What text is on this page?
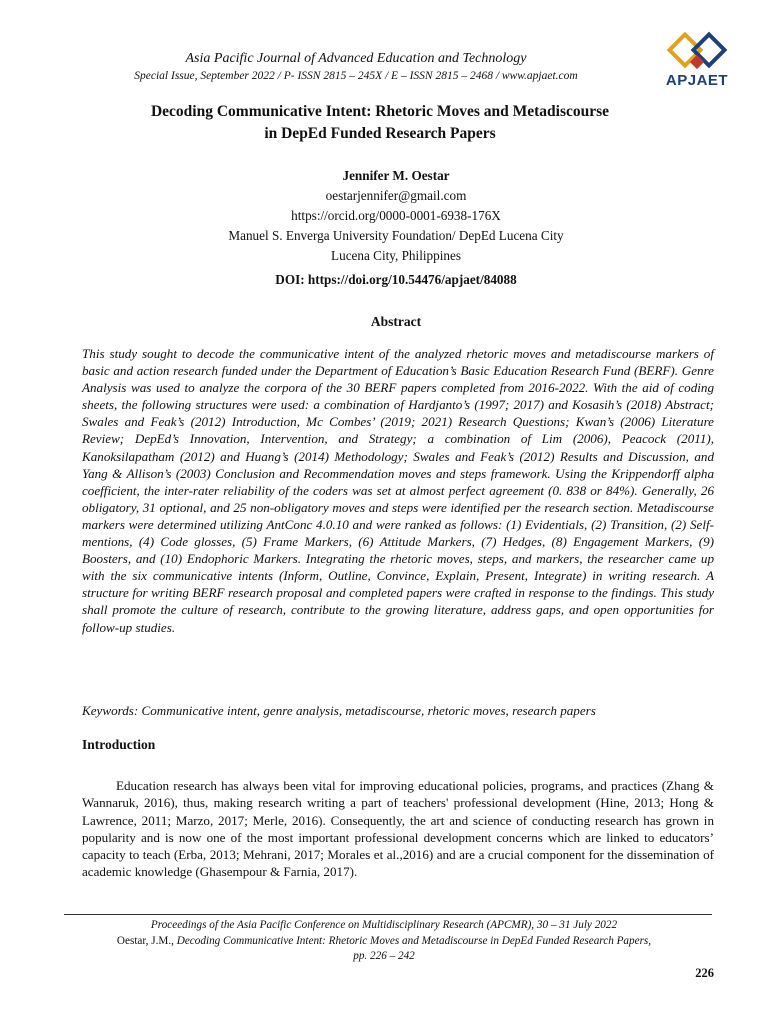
Asia Pacific Journal of Advanced Education and Technology
Special Issue, September 2022 / P- ISSN 2815 – 245X / E – ISSN 2815 – 2468 / www.apjaet.com	APJAET
Decoding Communicative Intent: Rhetoric Moves and Metadiscourse
in DepEd Funded Research Papers
Jennifer M. Oestar
oestarjennifer@gmail.com
https://orcid.org/0000-0001-6938-176X
Manuel S. Enverga University Foundation/ DepEd Lucena City
Lucena City, Philippines
DOI: https://doi.org/10.54476/apjaet/84088
Abstract

This study sought to decode the communicative intent of the analyzed rhetoric moves and metadiscourse markers of basic and action research funded under the Department of Education’s Basic Education Research Fund (BERF). Genre Analysis was used to analyze the corpora of the 30 BERF papers completed from 2016-2022. With the aid of coding sheets, the following structures were used: a combination of Hardjanto’s (1997; 2017) and Kosasih’s (2018) Abstract; Swales and Feak’s (2012) Introduction, Mc Combes’ (2019; 2021) Research Questions; Kwan’s (2006) Literature Review; DepEd’s Innovation, Intervention, and Strategy; a combination of Lim (2006), Peacock (2011), Kanoksilapatham (2012) and Huang’s (2014) Methodology; Swales and Feak’s (2012) Results and Discussion, and Yang & Allison’s (2003) Conclusion and Recommendation moves and steps framework. Using the Krippendorff alpha coefficient, the inter-rater reliability of the coders was set at almost perfect agreement (0. 838 or 84%). Generally, 26 obligatory, 31 optional, and 25 non-obligatory moves and steps were identified per the research section. Metadiscourse markers were determined utilizing AntConc 4.0.10 and were ranked as follows: (1) Evidentials, (2) Transition, (2) Self-mentions, (4) Code glosses, (5) Frame Markers, (6) Attitude Markers, (7) Hedges, (8) Engagement Markers, (9) Boosters, and (10) Endophoric Markers. Integrating the rhetoric moves, steps, and markers, the researcher came up with the six communicative intents (Inform, Outline, Convince, Explain, Present, Integrate) in writing research. A structure for writing BERF research proposal and completed papers were crafted in response to the findings. This study shall promote the culture of research, contribute to the growing literature, address gaps, and open opportunities for follow-up studies.

Keywords: Communicative intent, genre analysis, metadiscourse, rhetoric moves, research papers

Introduction

Education research has always been vital for improving educational policies, programs, and practices (Zhang & Wannaruk, 2016), thus, making research writing a part of teachers' professional development (Hine, 2013; Hong & Lawrence, 2011; Marzo, 2017; Merle, 2016). Consequently, the art and science of conducting research has grown in popularity and is now one of the most important professional development concerns which are linked to educators’ capacity to teach (Erba, 2013; Mehrani, 2017; Morales et al.,2016) and are a crucial component for the dissemination of academic knowledge (Ghasempour & Farnia, 2017).

Proceedings of the Asia Pacific Conference on Multidisciplinary Research (APCMR), 30 – 31 July 2022
Oestar, J.M., Decoding Communicative Intent: Rhetoric Moves and Metadiscourse in DepEd Funded Research Papers,
pp. 226 – 242
226
